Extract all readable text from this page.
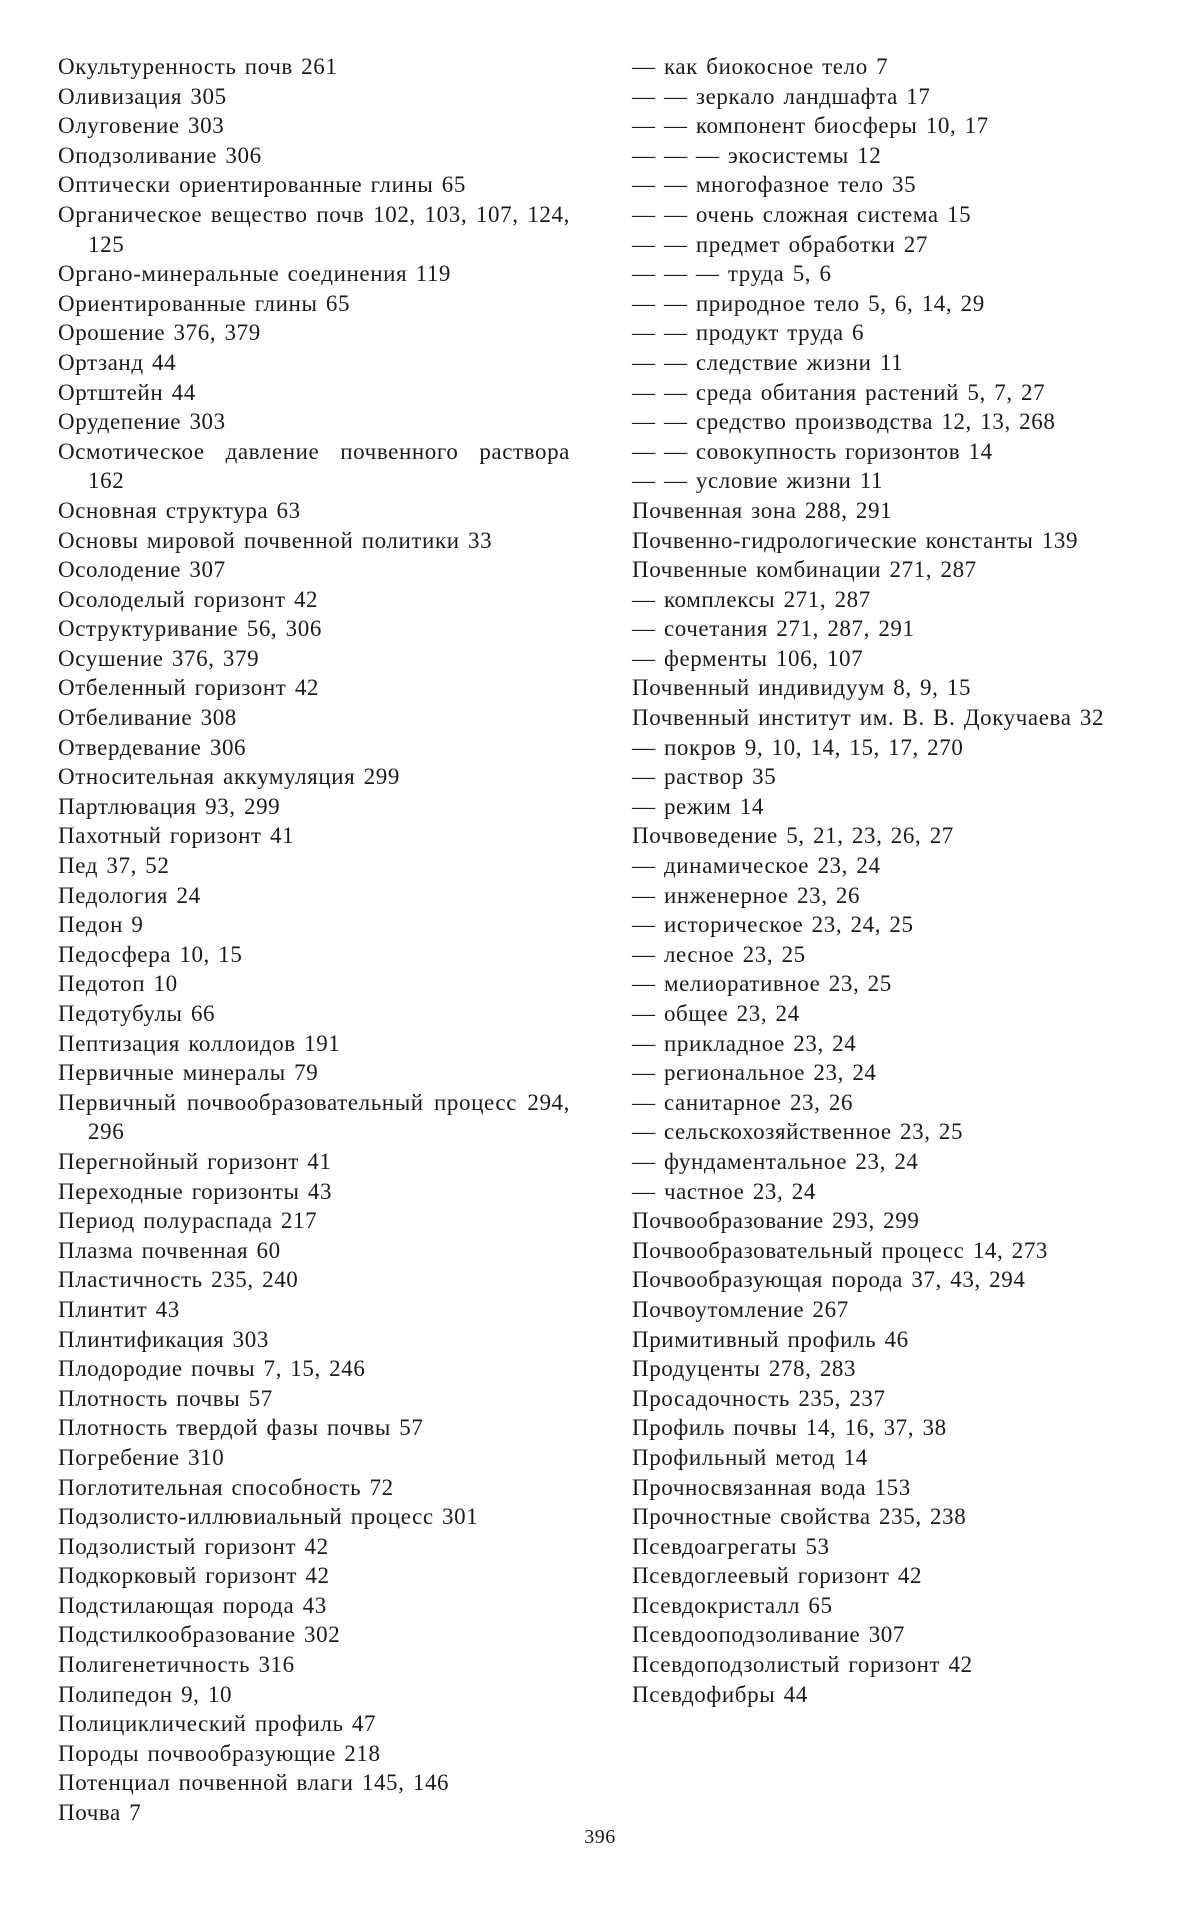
Окультуренность почв 261

Оливизация 305

Олуговение 303

Оподзоливание 306

Оптически ориентированные глины 65

Органическое вещество почв 102, 103, 107, 124, 125

Органо-минеральные соединения 119

Ориентированные глины 65

Орошение 376, 379

Ортзанд 44

Ортштейн 44

Орудепение 303

Осмотическое давление почвенного раствора 162

Основная структура 63

Основы мировой почвенной политики 33

Осолодение 307

Осолоделый горизонт 42

Оструктуривание 56, 306

Осушение 376, 379

Отбеленный горизонт 42

Отбеливание 308

Отвердевание 306

Относительная аккумуляция 299

Партлювация 93, 299

Пахотный горизонт 41

Пед 37, 52

Педология 24

Педон 9

Педосфера 10, 15

Педотоп 10

Педотубулы 66

Пептизация коллоидов 191

Первичные минералы 79

Первичный почвообразовательный процесс 294, 296

Перегнойный горизонт 41

Переходные горизонты 43

Период полураспада 217

Плазма почвенная 60

Пластичность 235, 240

Плинтит 43

Плинтификация 303

Плодородие почвы 7, 15, 246

Плотность почвы 57

Плотность твердой фазы почвы 57

Погребение 310

Поглотительная способность 72

Подзолисто-иллювиальный процесс 301

Подзолистый горизонт 42

Подкорковый горизонт 42

Подстилающая порода 43

Подстилкообразование 302

Полигенетичность 316

Полипедон 9, 10

Полициклический профиль 47

Породы почвообразующие 218

Потенциал почвенной влаги 145, 146

Почва 7

— как биокосное тело 7

— — зеркало ландшафта 17

— — компонент биосферы 10, 17

— — — экосистемы 12

— — многофазное тело 35

— — очень сложная система 15

— — предмет обработки 27

— — — труда 5, 6

— — природное тело 5, 6, 14, 29

— — продукт труда 6

— — следствие жизни 11

— — среда обитания растений 5, 7, 27

— — средство производства 12, 13, 268

— — совокупность горизонтов 14

— — условие жизни 11

Почвенная зона 288, 291

Почвенно-гидрологические константы 139

Почвенные комбинации 271, 287

— комплексы 271, 287

— сочетания 271, 287, 291

— ферменты 106, 107

Почвенный индивидуум 8, 9, 15

Почвенный институт им. В. В. Докучаева 32

— покров 9, 10, 14, 15, 17, 270

— раствор 35

— режим 14

Почвоведение 5, 21, 23, 26, 27

— динамическое 23, 24

— инженерное 23, 26

— историческое 23, 24, 25

— лесное 23, 25

— мелиоративное 23, 25

— общее 23, 24

— прикладное 23, 24

— региональное 23, 24

— санитарное 23, 26

— сельскохозяйственное 23, 25

— фундаментальное 23, 24

— частное 23, 24

Почвообразование 293, 299

Почвообразовательный процесс 14, 273

Почвообразующая порода 37, 43, 294

Почвоутомление 267

Примитивный профиль 46

Продуценты 278, 283

Просадочность 235, 237

Профиль почвы 14, 16, 37, 38

Профильный метод 14

Прочносвязанная вода 153

Прочностные свойства 235, 238

Псевдоагрегаты 53

Псевдоглеевый горизонт 42

Псевдокристалл 65

Псевдооподзоливание 307

Псевдоподзолистый горизонт 42

Псевдофибры 44

396
